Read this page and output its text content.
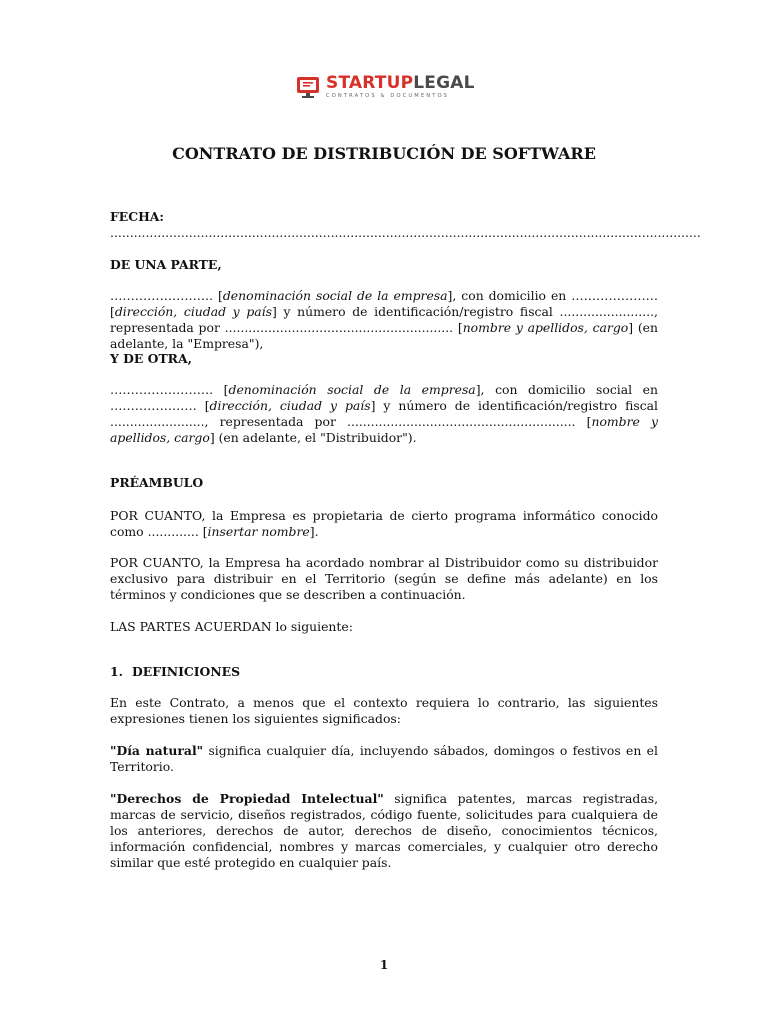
STARTUPLEGAL
CONTRATOS & DOCUMENTOS
CONTRATO DE DISTRIBUCIÓN DE SOFTWARE
FECHA: ......................................................................................................................................................
DE UNA PARTE,
……………………. [denominación social de la empresa], con domicilio en ………………… [dirección, ciudad y país] y número de identificación/registro fiscal ........................, representada por .......................................................... [nombre y apellidos, cargo] (en adelante, la "Empresa"),
Y DE OTRA,
……………………. [denominación social de la empresa], con domicilio social en ………………… [dirección, ciudad y país] y número de identificación/registro fiscal ........................, representada por .......................................................... [nombre y apellidos, cargo] (en adelante, el "Distribuidor").
PRÉAMBULO
POR CUANTO, la Empresa es propietaria de cierto programa informático conocido como ............. [insertar nombre].
POR CUANTO, la Empresa ha acordado nombrar al Distribuidor como su distribuidor exclusivo para distribuir en el Territorio (según se define más adelante) en los términos y condiciones que se describen a continuación.
LAS PARTES ACUERDAN lo siguiente:
1. DEFINICIONES
En este Contrato, a menos que el contexto requiera lo contrario, las siguientes expresiones tienen los siguientes significados:
"Día natural" significa cualquier día, incluyendo sábados, domingos o festivos en el Territorio.
"Derechos de Propiedad Intelectual" significa patentes, marcas registradas, marcas de servicio, diseños registrados, código fuente, solicitudes para cualquiera de los anteriores, derechos de autor, derechos de diseño, conocimientos técnicos, información confidencial, nombres y marcas comerciales, y cualquier otro derecho similar que esté protegido en cualquier país.
1
